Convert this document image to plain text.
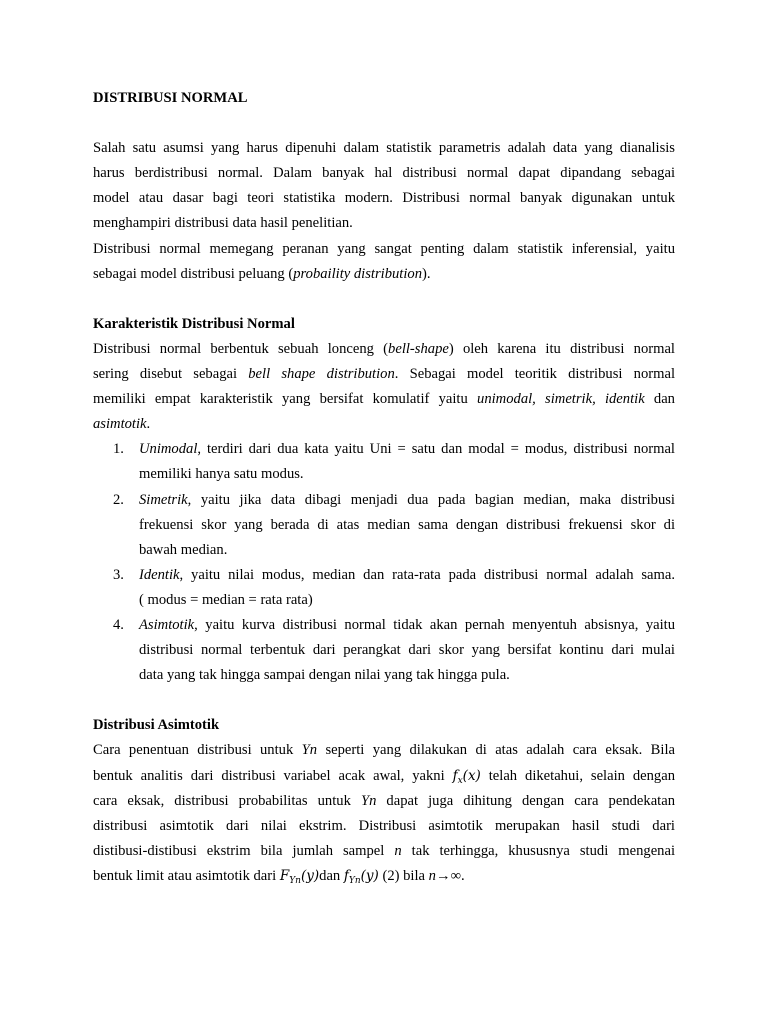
DISTRIBUSI NORMAL
Salah satu asumsi yang harus dipenuhi dalam statistik parametris adalah data yang dianalisis
harus berdistribusi normal. Dalam banyak hal distribusi normal dapat dipandang sebagai
model atau dasar bagi teori statistika modern. Distribusi normal banyak digunakan untuk
menghampiri distribusi data hasil penelitian.
Distribusi normal memegang peranan yang sangat penting dalam statistik inferensial, yaitu
sebagai model distribusi peluang (probaility distribution).
Karakteristik Distribusi Normal
Distribusi normal berbentuk sebuah lonceng (bell-shape) oleh karena itu distribusi normal
sering disebut sebagai bell shape distribution. Sebagai model teoritik distribusi normal
memiliki empat karakteristik yang bersifat komulatif yaitu unimodal, simetrik, identik dan
asimtotik.
1. Unimodal, terdiri dari dua kata yaitu Uni = satu dan modal = modus, distribusi normal
memiliki hanya satu modus.
2. Simetrik, yaitu jika data dibagi menjadi dua pada bagian median, maka distribusi
frekuensi skor yang berada di atas median sama dengan distribusi frekuensi skor di
bawah median.
3. Identik, yaitu nilai modus, median dan rata-rata pada distribusi normal adalah sama.
( modus = median = rata rata)
4. Asimtotik, yaitu kurva distribusi normal tidak akan pernah menyentuh absisnya, yaitu
distribusi normal terbentuk dari perangkat dari skor yang bersifat kontinu dari mulai
data yang tak hingga sampai dengan nilai yang tak hingga pula.
Distribusi Asimtotik
Cara penentuan distribusi untuk Yn seperti yang dilakukan di atas adalah cara eksak. Bila
bentuk analitis dari distribusi variabel acak awal, yakni $f_x(x)$ telah diketahui, selain dengan
cara eksak, distribusi probabilitas untuk Yn dapat juga dihitung dengan cara pendekatan
distribusi asimtotik dari nilai ekstrim. Distribusi asimtotik merupakan hasil studi dari
distibusi-distibusi ekstrim bila jumlah sampel n tak terhingga, khususnya studi mengenai
bentuk limit atau asimtotik dari $F_{Yn}(y)dan$ $f_{Yn}(y)$ (2) bila n→∞.
